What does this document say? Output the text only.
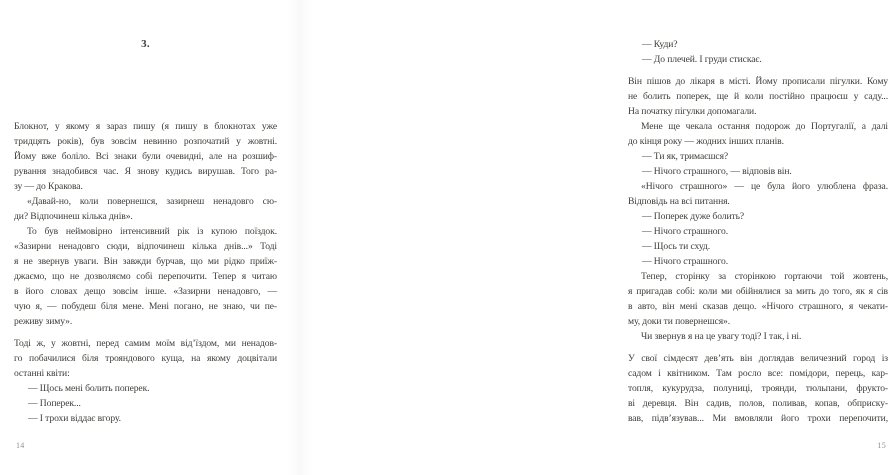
3.
Блокнот, у якому я зараз пишу (я пишу в блокнотах уже
тридцять років), був зовсім невинно розпочатий у жовтні.
Йому вже боліло. Всі знаки були очевидні, але на розшиф-
рування знадобився час. Я знову кудись вирушав. Того ра-
зу — до Кракова.
«Давай-но, коли повернешся, зазирнеш ненадовго сю-
ди? Відпочинеш кілька днів».
То був неймовірно інтенсивний рік із купою поїздок.
«Зазирни ненадовго сюди, відпочинеш кілька днів...» Тоді
я не звернув уваги. Він завжди бурчав, що ми рідко приїж-
джаємо, що не дозволяємо собі перепочити. Тепер я читаю
в його словах дещо зовсім інше. «Зазирни ненадовго, —
чую я, — побудеш біля мене. Мені погано, не знаю, чи пе-
реживу зиму».
Тоді ж, у жовтні, перед самим моїм від’їздом, ми ненадов-
го побачилися біля трояндового куща, на якому доцвітали
останні квіти:
— Щось мені болить поперек.
— Поперек...
— І трохи віддає вгору.
14
— Куди?
— До плечей. І груди стискає.
Він пішов до лікаря в місті. Йому прописали пігулки. Кому
не болить поперек, ще й коли постійно працюєш у саду...
На початку пігулки допомагали.
Мене ще чекала остання подорож до Португалії, а далі
до кінця року — жодних інших планів.
— Ти як, тримаєшся?
— Нічого страшного, — відповів він.
«Нічого страшного» — це була його улюблена фраза.
Відповідь на всі питання.
— Поперек дуже болить?
— Нічого страшного.
— Щось ти схуд.
— Нічого страшного.
Тепер, сторінку за сторінкою гортаючи той жовтень,
я пригадав собі: коли ми обійнялися за мить до того, як я сів
в авто, він мені сказав дещо. «Нічого страшного, я чекати-
му, доки ти повернешся».
Чи звернув я на це увагу тоді? І так, і ні.
У свої сімдесят дев’ять він доглядав величезний город із
садом і квітником. Там росло все: помідори, перець, кар-
топля, кукурудза, полуниці, троянди, тюльпани, фрукто-
ві деревця. Він садив, полов, поливав, копав, обприску-
вав, підв’язував... Ми вмовляли його трохи перепочити,
15
